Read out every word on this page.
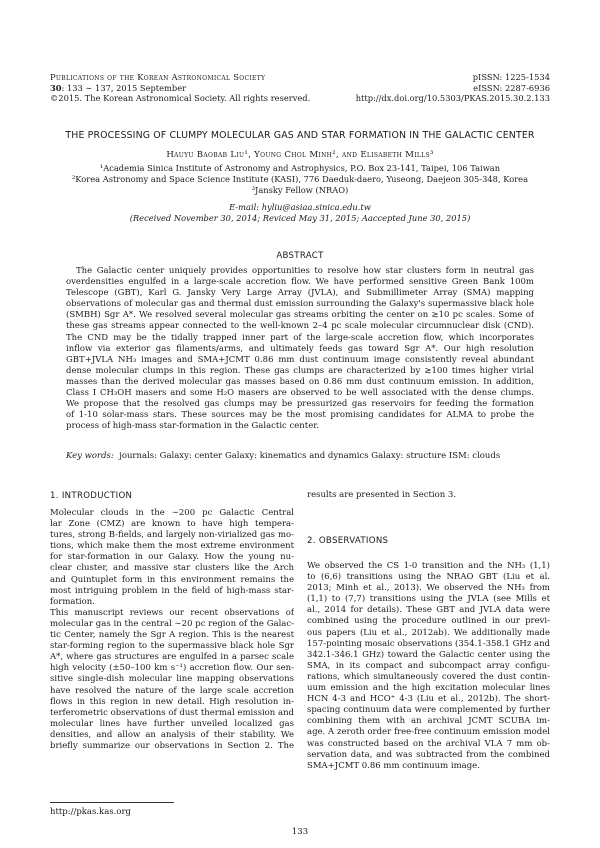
Publications of the Korean Astronomical Society
30: 133 ∼ 137, 2015 September
©2015. The Korean Astronomical Society. All rights reserved.
pISSN: 1225-1534
eISSN: 2287-6936
http://dx.doi.org/10.5303/PKAS.2015.30.2.133
THE PROCESSING OF CLUMPY MOLECULAR GAS AND STAR FORMATION IN THE GALACTIC CENTER
Hauyu Baobab Liu¹, Young Chol Minh², and Elisabeth Mills³
¹Academia Sinica Institute of Astronomy and Astrophysics, P.O. Box 23-141, Taipei, 106 Taiwan
²Korea Astronomy and Space Science Institute (KASI), 776 Daeduk-daero, Yuseong, Daejeon 305-348, Korea
³Jansky Fellow (NRAO)
E-mail: hyliu@asiaa.sinica.edu.tw
(Received November 30, 2014; Reviced May 31, 2015; Aaccepted June 30, 2015)
ABSTRACT
The Galactic center uniquely provides opportunities to resolve how star clusters form in neutral gas
overdensities engulfed in a large-scale accretion flow. We have performed sensitive Green Bank 100m
Telescope (GBT), Karl G. Jansky Very Large Array (JVLA), and Submillimeter Array (SMA) mapping
observations of molecular gas and thermal dust emission surrounding the Galaxy's supermassive black hole
(SMBH) Sgr A*. We resolved several molecular gas streams orbiting the center on ≳10 pc scales. Some of
these gas streams appear connected to the well-known 2–4 pc scale molecular circumnuclear disk (CND).
The CND may be the tidally trapped inner part of the large-scale accretion flow, which incorporates
inflow via exterior gas filaments/arms, and ultimately feeds gas toward Sgr A*. Our high resolution
GBT+JVLA NH₃ images and SMA+JCMT 0.86 mm dust continuum image consistently reveal abundant
dense molecular clumps in this region. These gas clumps are characterized by ≳100 times higher virial
masses than the derived molecular gas masses based on 0.86 mm dust continuum emission. In addition,
Class I CH₃OH masers and some H₂O masers are observed to be well associated with the dense clumps.
We propose that the resolved gas clumps may be pressurized gas reservoirs for feeding the formation
of 1-10 solar-mass stars. These sources may be the most promising candidates for ALMA to probe the
process of high-mass star-formation in the Galactic center.
Key words: journals: Galaxy: center Galaxy: kinematics and dynamics Galaxy: structure ISM: clouds
1. INTRODUCTION
Molecular clouds in the ∼200 pc Galactic Central
lar Zone (CMZ) are known to have high tempera-
tures, strong B-fields, and largely non-virialized gas mo-
tions, which make them the most extreme environment
for star-formation in our Galaxy. How the young nu-
clear cluster, and massive star clusters like the Arch
and Quintuplet form in this environment remains the
most intriguing problem in the field of high-mass star-
formation.
This manuscript reviews our recent observations of
molecular gas in the central ∼20 pc region of the Galac-
tic Center, namely the Sgr A region. This is the nearest
star-forming region to the supermassive black hole Sgr
A*, where gas structures are engulfed in a parsec scale
high velocity (±50–100 km s⁻¹) accretion flow. Our sen-
sitive single-dish molecular line mapping observations
have resolved the nature of the large scale accretion
flows in this region in new detail. High resolution in-
terferometric observations of dust thermal emission and
molecular lines have further unveiled localized gas
densities, and allow an analysis of their stability. We
briefly summarize our observations in Section 2. The
results are presented in Section 3.
2. OBSERVATIONS
We observed the CS 1-0 transition and the NH₃ (1,1)
to (6,6) transitions using the NRAO GBT (Liu et al.
2013; Minh et al., 2013). We observed the NH₃ from
(1,1) to (7,7) transitions using the JVLA (see Mills et
al., 2014 for details). These GBT and JVLA data were
combined using the procedure outlined in our previ-
ous papers (Liu et al., 2012ab). We additionally made
157-pointing mosaic observations (354.1-358.1 GHz and
342.1-346.1 GHz) toward the Galactic center using the
SMA, in its compact and subcompact array configu-
rations, which simultaneously covered the dust contin-
uum emission and the high excitation molecular lines
HCN 4-3 and HCO⁺ 4-3 (Liu et al., 2012b). The short-
spacing continuum data were complemented by further
combining them with an archival JCMT SCUBA im-
age. A zeroth order free-free continuum emission model
was constructed based on the archival VLA 7 mm ob-
servation data, and was subtracted from the combined
SMA+JCMT 0.86 mm continuum image.
http://pkas.kas.org
133
